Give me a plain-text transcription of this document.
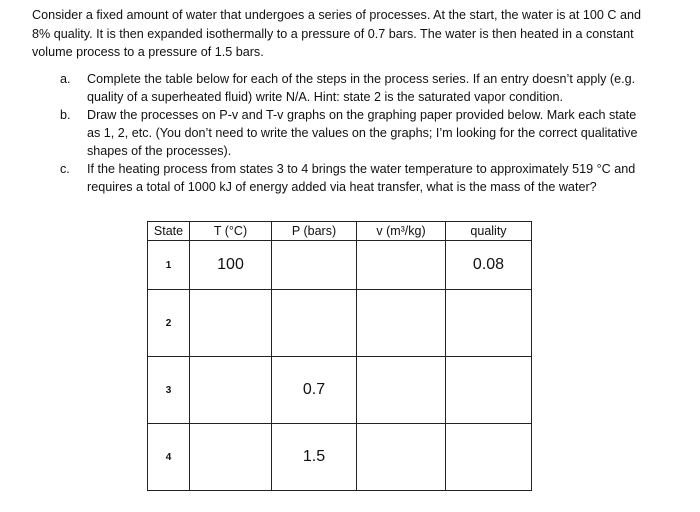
Consider a fixed amount of water that undergoes a series of processes. At the start, the water is at 100 C and 8% quality. It is then expanded isothermally to a pressure of 0.7 bars. The water is then heated in a constant volume process to a pressure of 1.5 bars.
a.	Complete the table below for each of the steps in the process series. If an entry doesn’t apply (e.g. quality of a superheated fluid) write N/A. Hint: state 2 is the saturated vapor condition.
b.	Draw the processes on P-v and T-v graphs on the graphing paper provided below. Mark each state as 1, 2, etc. (You don’t need to write the values on the graphs; I’m looking for the correct qualitative shapes of the processes).
c.	If the heating process from states 3 to 4 brings the water temperature to approximately 519 °C and requires a total of 1000 kJ of energy added via heat transfer, what is the mass of the water?
State	T (°C)	P (bars)	v (m³/kg)	quality
1	100			0.08
2				
3		0.7		
4		1.5		
